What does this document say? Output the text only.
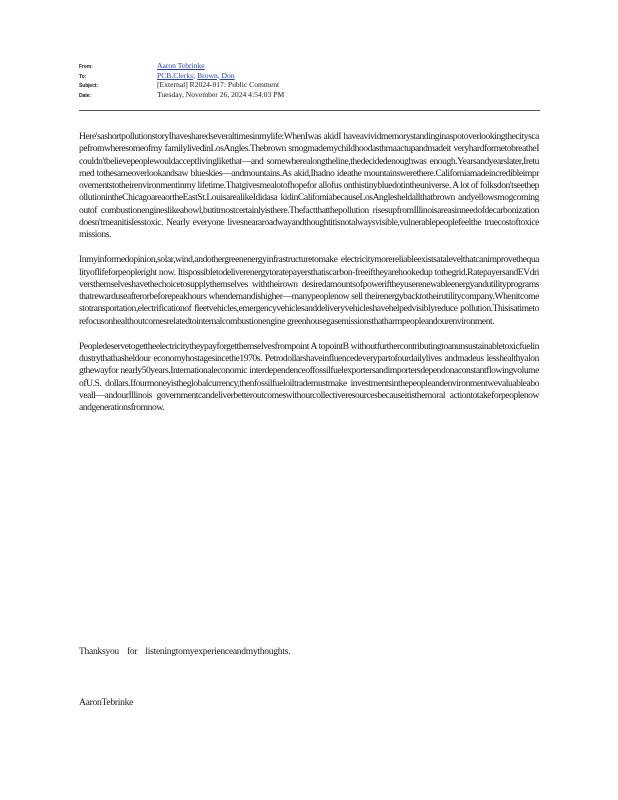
From:	Aaron Tebrinke
To:	PCB.Clerks; Brown, Don
Subject:	[External] R2024-017: Public Comment
Date:	Tuesday, November 26, 2024 4:54:03 PM

Here'sashortpollutionstoryIhavesharedseveraltimesinmylife:WhenIwas akidI haveavividmemorystandinginaspotoverlookingthecityscapefromwheresomeofmy familylivedinLosAngles.Thebrown smogmademychildhoodasthmaactupandmadeit veryhardformetobreatheIcouldn'tbelievepeoplewouldacceptlivinglikethat—and somewherealongtheline,thedecidedenoughwas enough.Yearsandyearslater,Ireturned tothesameoverlookandsaw blueskies—andmountains.As akid,Ihadno ideathe mountainswerethere.Californiamadeincredibleimprovementstotheirenvironmentinmy lifetime.Thatgivesmealotofhopefor allofus onthistinybluedotintheuniverse. A lot of folksdon'tseethepollutionintheChicagoareaortheEastSt.LouisarealikeIdidasa kidinCaliforniabecauseLosAnglesheldallthatbrown andyellowsmogcomingoutof combustionengineslikeabowl,butitmostcertainlyisthere.Thefactthatthepollution risesupfromIllinoisareasinneedofdecarbonizationdoesn'tmeanitislesstoxic. Nearly everyone livesneararoadwayandthoughtitisnotalwaysvisible,vulnerablepeoplefeelthe truecostoftoxicemissions.

Inmyinformedopinion,solar,wind,andothergreenenergyinfrastructuretomake electricitymorereliableexistsatalevelthatcanimprovethequalityoflifeforpeopleright now. Itispossibletodeliverenergytoratepayersthatiscarbon-freeiftheyarehookedup tothegrid.RatepayersandEVdriversthemselveshavethechoicetosupplythemselves withtheirown desiredamountsofpoweriftheyuserenewableenergyandutilityprograms thatrewarduseafterorbeforepeakhours whendemandishigher—manypeoplenow sell theirenergybacktotheirutilitycompany.Whenitcomestotransportation,electrificationof fleetvehicles,emergencyvehiclesanddeliveryvehicleshavehelpedvisiblyreduce pollution.Thisisatimetorefocusonhealthoutcomesrelatedtointernalcombustionengine greenhousegasemissionsthatharmpeopleandourenvironment.

Peopledeservetogettheelectricitytheypayforgetthemselvesfrompoint A topointB withoutfurthercontributingtoanunsustainabletoxicfuelindustrythathasheldour economyhostagesincethe1970s. Petrodollarshaveinfluencedeverypartofourdailylives andmadeus lesshealthyalongthewayfor nearly50years.Internationaleconomic interdependenceoffossilfuelexportersandimportersdependonaconstantflowingvolume ofU.S. dollars.Ifourmoneyistheglobalcurrency,thenfossilfueloiltrademustmake investmentsinthepeopleandenvironmentwevaluableaboveall—andourIllinois governmentcandeliverbetteroutcomeswithourcollectiveresourcesbecauseitisthemoral actiontotakeforpeoplenow andgenerationsfromnow.

Thanksyou for listeningtomyexperienceandmythoughts.
AaronTebrinke
